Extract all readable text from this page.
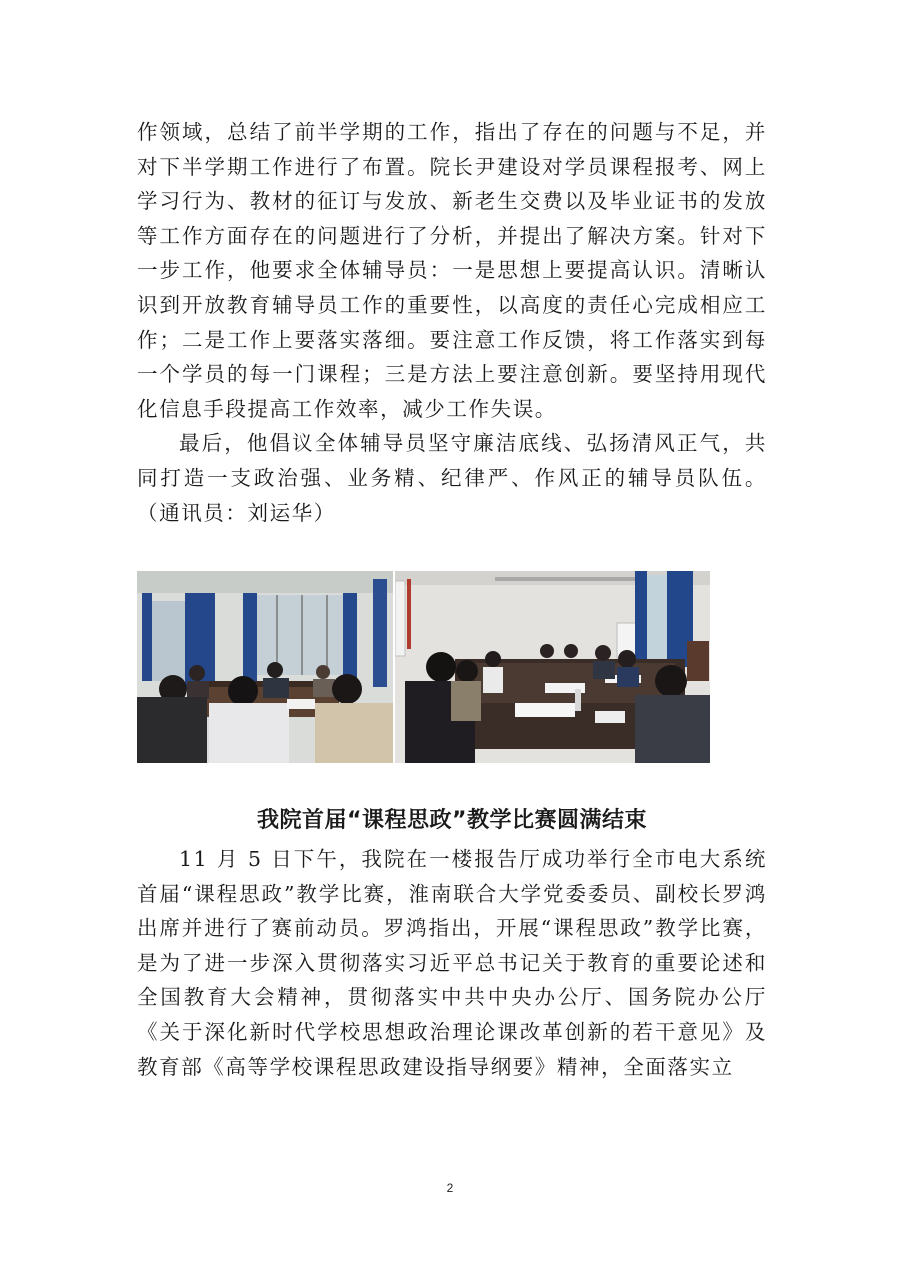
作领域，总结了前半学期的工作，指出了存在的问题与不足，并对下半学期工作进行了布置。院长尹建设对学员课程报考、网上学习行为、教材的征订与发放、新老生交费以及毕业证书的发放等工作方面存在的问题进行了分析，并提出了解决方案。针对下一步工作，他要求全体辅导员：一是思想上要提高认识。清晰认识到开放教育辅导员工作的重要性，以高度的责任心完成相应工作；二是工作上要落实落细。要注意工作反馈，将工作落实到每一个学员的每一门课程；三是方法上要注意创新。要坚持用现代化信息手段提高工作效率，减少工作失误。

最后，他倡议全体辅导员坚守廉洁底线、弘扬清风正气，共同打造一支政治强、业务精、纪律严、作风正的辅导员队伍。（通讯员：刘运华）

我院首届“课程思政”教学比赛圆满结束

11 月 5 日下午，我院在一楼报告厅成功举行全市电大系统首届“课程思政”教学比赛，淮南联合大学党委委员、副校长罗鸿出席并进行了赛前动员。罗鸿指出，开展“课程思政”教学比赛，是为了进一步深入贯彻落实习近平总书记关于教育的重要论述和全国教育大会精神，贯彻落实中共中央办公厅、国务院办公厅《关于深化新时代学校思想政治理论课改革创新的若干意见》及教育部《高等学校课程思政建设指导纲要》精神，全面落实立

2
